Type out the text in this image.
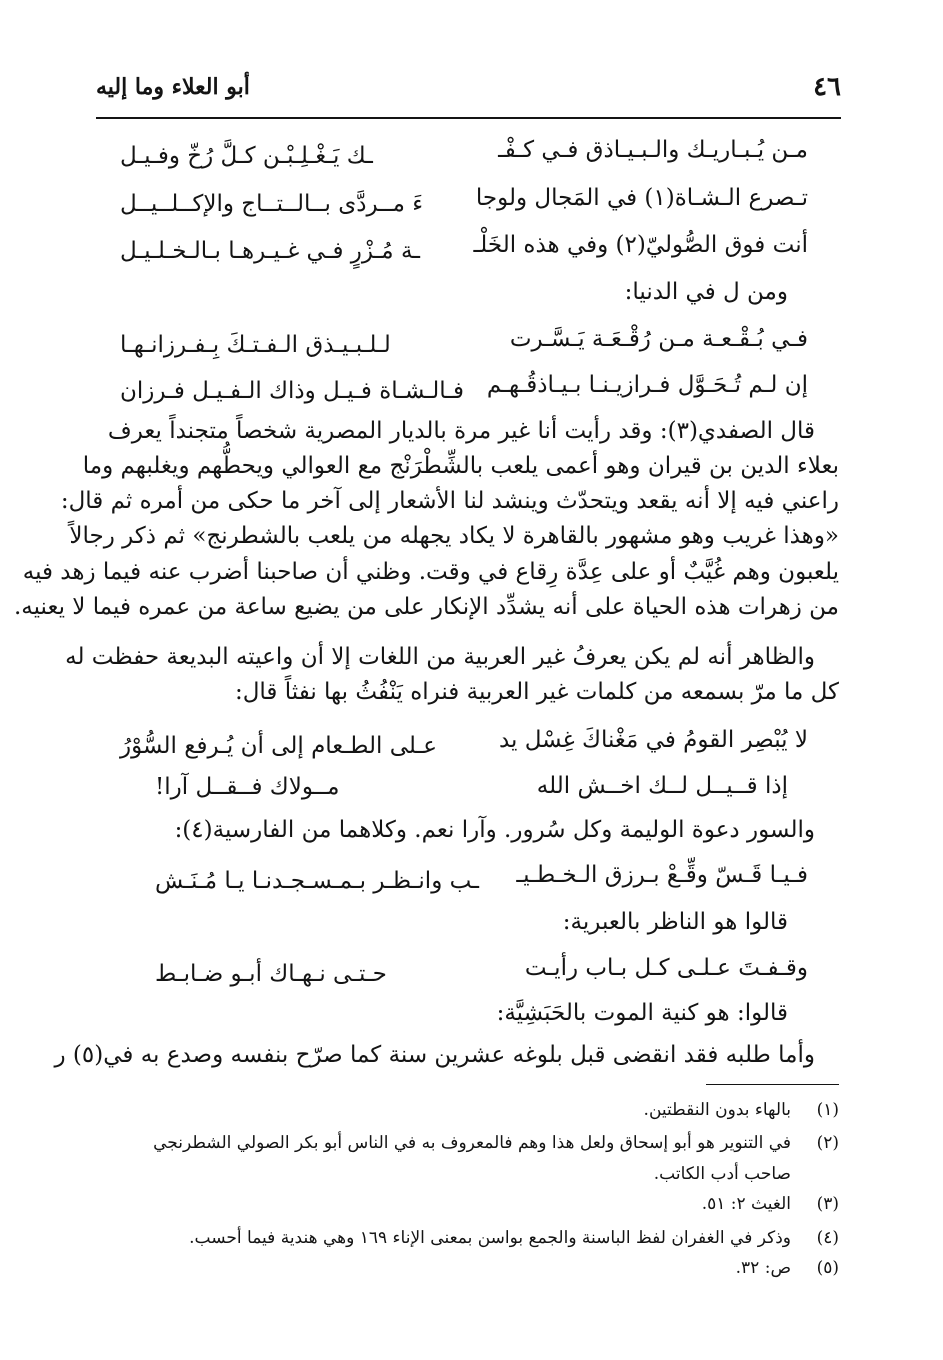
٤٦
أبو العلاء وما إليه
مـن يُـبـاريـك والـبـيـاذق فـي كـفْـ
ـك يَـغْـلِـبْـن كـلَّ رُخّ وفـيـل
تـصرع الـشـاة(١) في المَجال ولوجا
ءَ مــردَّى بــالــتــاج والإكــلــيــل
أنت فوق الصُّوليّ(٢) وفي هذه الخَلْـ
ـة مُـزْرٍ فـي غـيـرهـا بـالـخـلـيـل
ومن ل في الدنيا:
فـي بُـقْـعـة مـن رُقْـعَـة يَـسَّـرت
لـلـبـيـذق الـفـتـكَ بِـفـرزانـهـا
إن لـم تُـحَـوَّل فـرازيـنـا بـيـاذقُـهـم
فـالـشـاة فـيـل وذاك الـفـيـل فـرزان
قال الصفدي(٣): وقد رأيت أنا غير مرة بالديار المصرية شخصاً متجنداً يعرف
بعلاء الدين بن قيران وهو أعمى يلعب بالشِّطْرَنْج مع العوالي ويحطُّهم ويغلبهم وما
راعني فيه إلا أنه يقعد ويتحدّث وينشد لنا الأشعار إلى آخر ما حكى من أمره ثم قال:
«وهذا غريب وهو مشهور بالقاهرة لا يكاد يجهله من يلعب بالشطرنج» ثم ذكر رجالاً
يلعبون وهم غُيَّبٌ أو على عِدَّة رِقاع في وقت. وظني أن صاحبنا أضرب عنه فيما زهد فيه
من زهرات هذه الحياة على أنه يشدِّد الإنكار على من يضيع ساعة من عمره فيما لا يعنيه.
والظاهر أنه لم يكن يعرفُ غير العربية من اللغات إلا أن واعيته البديعة حفظت له
كل ما مرّ بسمعه من كلمات غير العربية فنراه يَنْفُثُ بها نفثاً قال:
لا يُبْصِر القومُ في مَغْناكَ غِسْل يد
عـلى الطـعام إلى أن يُـرفع السُّوْرُ
إذا قــيــل لــك اخــش الله
مــولاك فــقــل آرا!
والسور دعوة الوليمة وكل سُرور. وآرا نعم. وكلاهما من الفارسية(٤):
فـيـا قَـسّ وقِّـعْ بـرزق الـخـطـيـ
ـب وانـظـر بـمـسـجـدنـا يـا مُـنَـش
قالوا هو الناظر بالعبرية:
وقـفـتَ عـلـى كـل بـاب رأيـت
حـتـى نـهـاك أبـو ضـابـط
قالوا: هو كنية الموت بالحَبَشِيَّة:
وأما طلبه فقد انقضى قبل بلوغه عشرين سنة كما صرّح بنفسه وصدع به في(٥) ر
(١)
بالهاء بدون النقطتين.
(٢)
في التنوير هو أبو إسحاق ولعل هذا وهم فالمعروف به في الناس أبو بكر الصولي الشطرنجي
صاحب أدب الكاتب.
(٣)
الغيث ٢: ٥١.
(٤)
وذكر في الغفران لفظ الباسنة والجمع بواسن بمعنى الإناء ١٦٩ وهي هندية فيما أحسب.
(٥)
ص: ٣٢.
